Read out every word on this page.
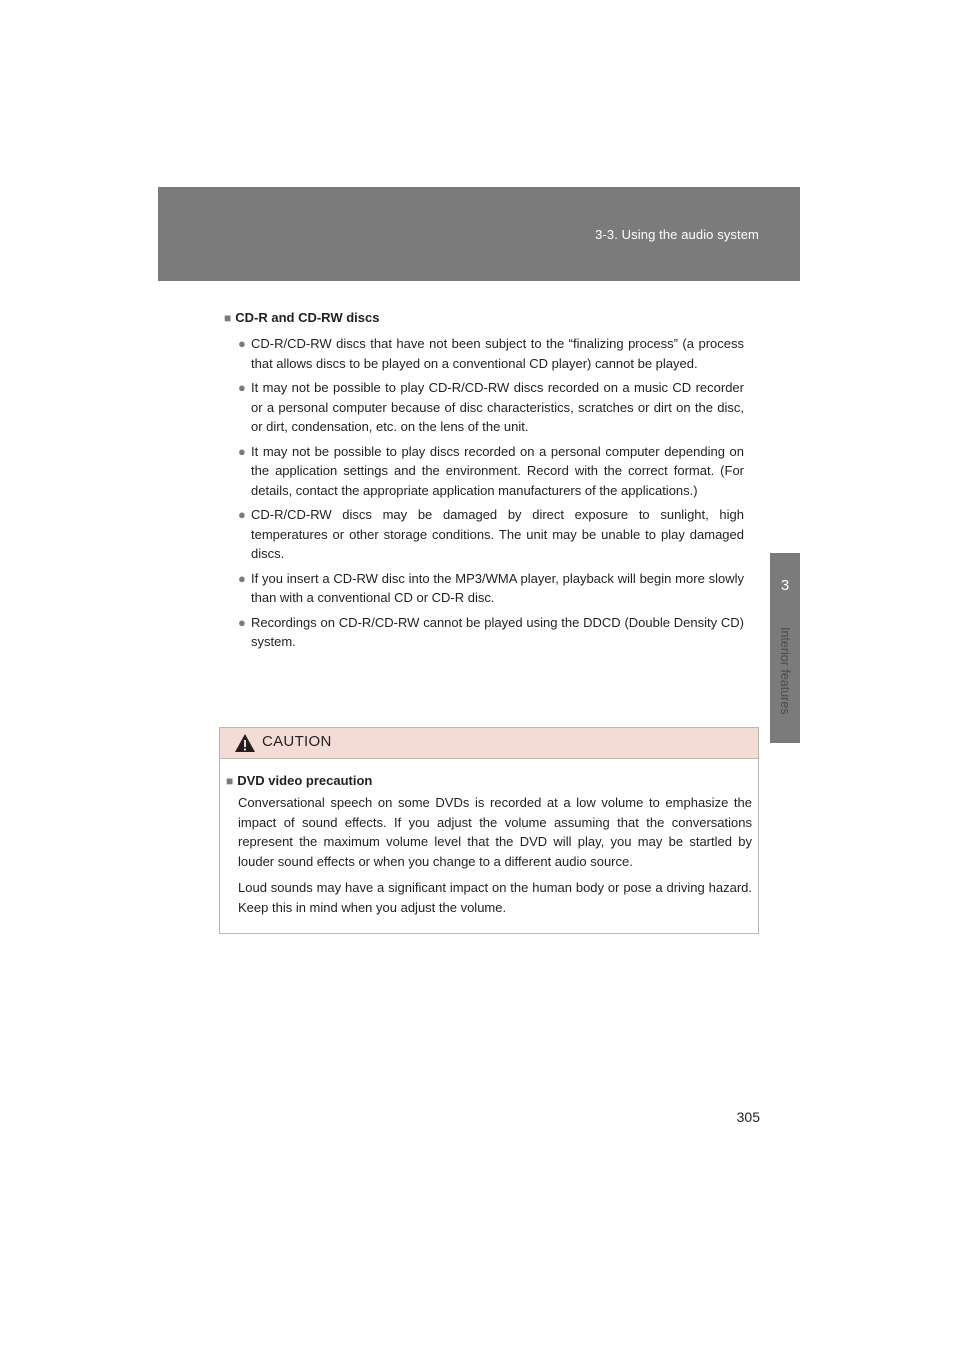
3-3. Using the audio system
3
Interior features

■ CD-R and CD-RW discs

● CD-R/CD-RW discs that have not been subject to the “finalizing process” (a process that allows discs to be played on a conventional CD player) cannot be played.
● It may not be possible to play CD-R/CD-RW discs recorded on a music CD recorder or a personal computer because of disc characteristics, scratches or dirt on the disc, or dirt, condensation, etc. on the lens of the unit.
● It may not be possible to play discs recorded on a personal computer depending on the application settings and the environment. Record with the correct format. (For details, contact the appropriate application manufacturers of the applications.)
● CD-R/CD-RW discs may be damaged by direct exposure to sunlight, high temperatures or other storage conditions. The unit may be unable to play damaged discs.
● If you insert a CD-RW disc into the MP3/WMA player, playback will begin more slowly than with a conventional CD or CD-R disc.
● Recordings on CD-R/CD-RW cannot be played using the DDCD (Double Density CD) system.
CAUTION

■ DVD video precaution

Conversational speech on some DVDs is recorded at a low volume to emphasize the impact of sound effects. If you adjust the volume assuming that the conversations represent the maximum volume level that the DVD will play, you may be startled by louder sound effects or when you change to a different audio source.

Loud sounds may have a significant impact on the human body or pose a driving hazard. Keep this in mind when you adjust the volume.

305
